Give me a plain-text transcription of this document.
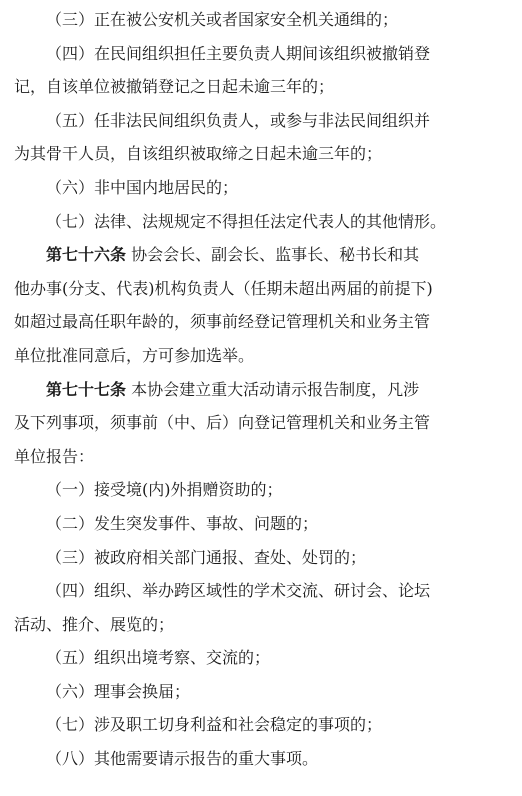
（三）正在被公安机关或者国家安全机关通缉的；
（四）在民间组织担任主要负责人期间该组织被撤销登
记，自该单位被撤销登记之日起未逾三年的；
（五）任非法民间组织负责人，或参与非法民间组织并
为其骨干人员，自该组织被取缔之日起未逾三年的；
（六）非中国内地居民的；
（七）法律、法规规定不得担任法定代表人的其他情形。
第七十六条 协会会长、副会长、监事长、秘书长和其
他办事(分支、代表)机构负责人（任期未超出两届的前提下)
如超过最高任职年龄的，须事前经登记管理机关和业务主管
单位批准同意后，方可参加选举。
第七十七条 本协会建立重大活动请示报告制度，凡涉
及下列事项，须事前（中、后）向登记管理机关和业务主管
单位报告：
（一）接受境(内)外捐赠资助的；
（二）发生突发事件、事故、问题的；
（三）被政府相关部门通报、查处、处罚的；
（四）组织、举办跨区域性的学术交流、研讨会、论坛
活动、推介、展览的；
（五）组织出境考察、交流的；
（六）理事会换届；
（七）涉及职工切身利益和社会稳定的事项的；
（八）其他需要请示报告的重大事项。
